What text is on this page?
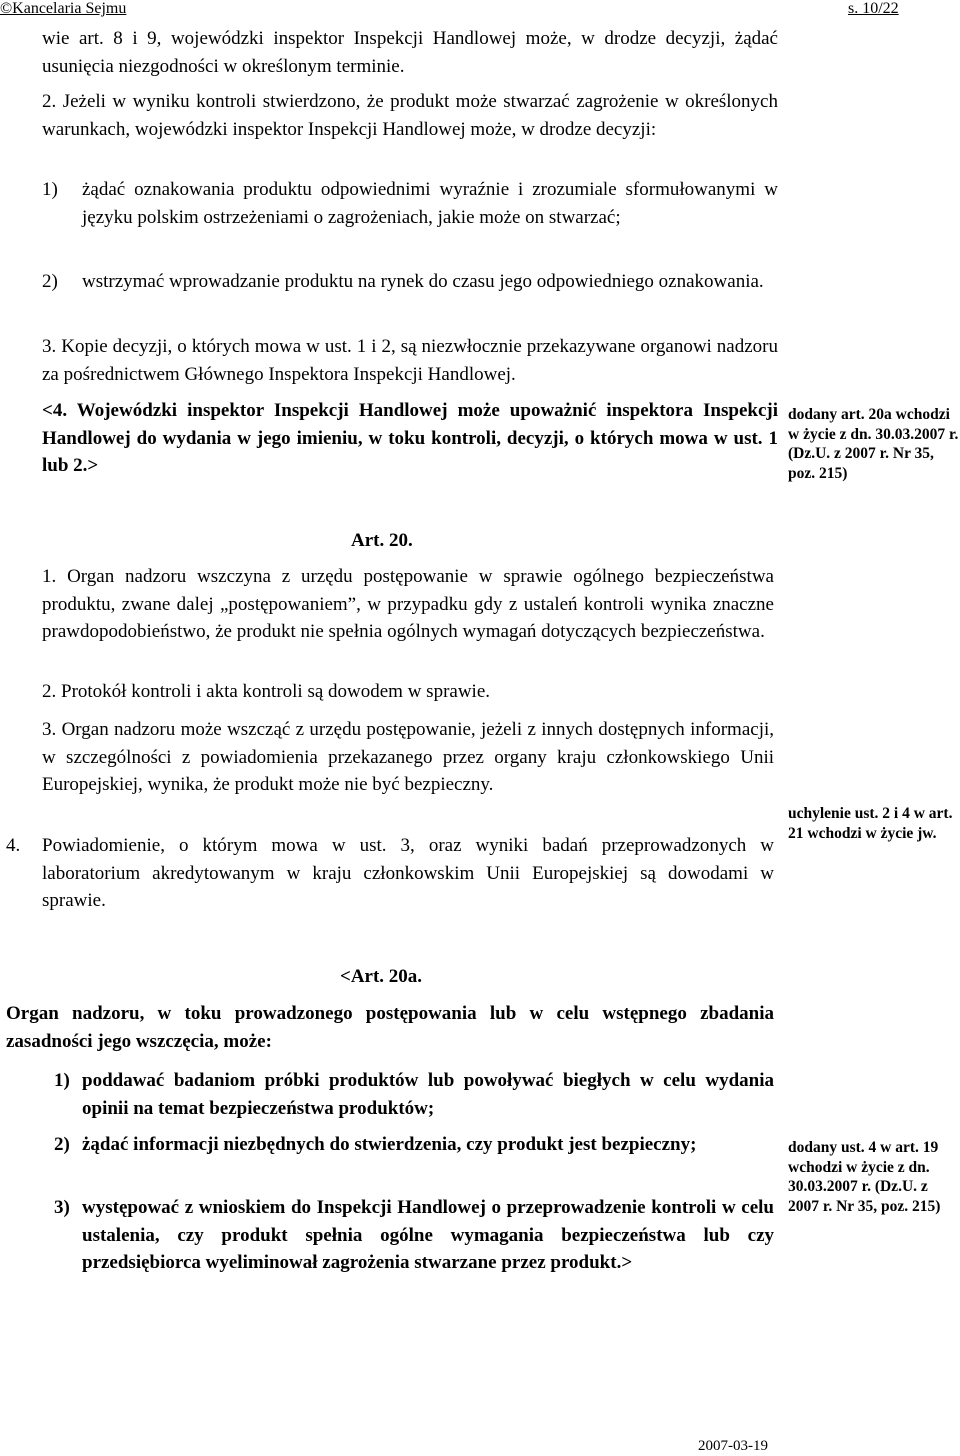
©Kancelaria Sejmu	s. 10/22
wie art. 8 i 9, wojewódzki inspektor Inspekcji Handlowej może, w drodze decyzji, żądać usunięcia niezgodności w określonym terminie.
2. Jeżeli w wyniku kontroli stwierdzono, że produkt może stwarzać zagrożenie w określonych warunkach, wojewódzki inspektor Inspekcji Handlowej może, w drodze decyzji:
1) żądać oznakowania produktu odpowiednimi wyraźnie i zrozumiale sformułowanymi w języku polskim ostrzeżeniami o zagrożeniach, jakie może on stwarzać;
2) wstrzymać wprowadzanie produktu na rynek do czasu jego odpowiedniego oznakowania.
3. Kopie decyzji, o których mowa w ust. 1 i 2, są niezwłocznie przekazywane organowi nadzoru za pośrednictwem Głównego Inspektora Inspekcji Handlowej.
<4. Wojewódzki inspektor Inspekcji Handlowej może upoważnić inspektora Inspekcji Handlowej do wydania w jego imieniu, w toku kontroli, decyzji, o których mowa w ust. 1 lub 2.>
dodany art. 20a wchodzi w życie z dn. 30.03.2007 r. (Dz.U. z 2007 r. Nr 35, poz. 215)
Art. 20.
1. Organ nadzoru wszczyna z urzędu postępowanie w sprawie ogólnego bezpieczeństwa produktu, zwane dalej „postępowaniem”, w przypadku gdy z ustaleń kontroli wynika znaczne prawdopodobieństwo, że produkt nie spełnia ogólnych wymagań dotyczących bezpieczeństwa.
2. Protokół kontroli i akta kontroli są dowodem w sprawie.
3. Organ nadzoru może wszcząć z urzędu postępowanie, jeżeli z innych dostępnych informacji, w szczególności z powiadomienia przekazanego przez organy kraju członkowskiego Unii Europejskiej, wynika, że produkt może nie być bezpieczny.
4. Powiadomienie, o którym mowa w ust. 3, oraz wyniki badań przeprowadzonych w laboratorium akredytowanym w kraju członkowskim Unii Europejskiej są dowodami w sprawie.
uchylenie ust. 2 i 4 w art. 21 wchodzi w życie jw.
<Art. 20a.
Organ nadzoru, w toku prowadzonego postępowania lub w celu wstępnego zbadania zasadności jego wszczęcia, może:
1) poddawać badaniom próbki produktów lub powoływać biegłych w celu wydania opinii na temat bezpieczeństwa produktów;
2) żądać informacji niezbędnych do stwierdzenia, czy produkt jest bezpieczny;
3) występować z wnioskiem do Inspekcji Handlowej o przeprowadzenie kontroli w celu ustalenia, czy produkt spełnia ogólne wymagania bezpieczeństwa lub czy przedsiębiorca wyeliminował zagrożenia stwarzane przez produkt.>
dodany ust. 4 w art. 19 wchodzi w życie z dn. 30.03.2007 r. (Dz.U. z 2007 r. Nr 35, poz. 215)
2007-03-19
